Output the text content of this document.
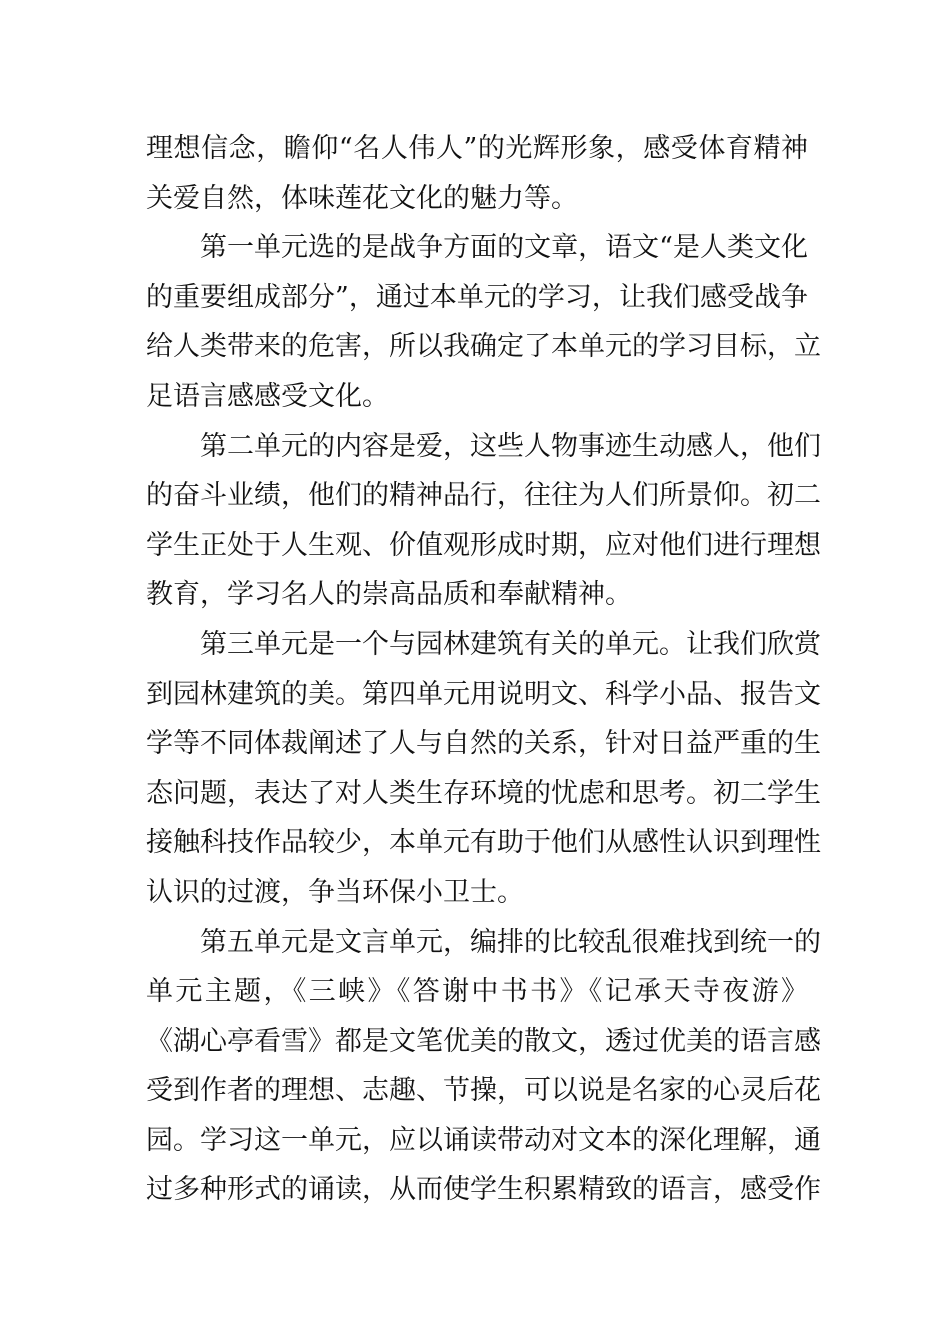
理想信念，瞻仰“名人伟人”的光辉形象，感受体育精神
关爱自然，体味莲花文化的魅力等。
第一单元选的是战争方面的文章，语文“是人类文化
的重要组成部分”，通过本单元的学习，让我们感受战争
给人类带来的危害，所以我确定了本单元的学习目标，立
足语言感感受文化。
第二单元的内容是爱，这些人物事迹生动感人，他们
的奋斗业绩，他们的精神品行，往往为人们所景仰。初二
学生正处于人生观、价值观形成时期，应对他们进行理想
教育，学习名人的崇高品质和奉献精神。
第三单元是一个与园林建筑有关的单元。让我们欣赏
到园林建筑的美。第四单元用说明文、科学小品、报告文
学等不同体裁阐述了人与自然的关系，针对日益严重的生
态问题，表达了对人类生存环境的忧虑和思考。初二学生
接触科技作品较少，本单元有助于他们从感性认识到理性
认识的过渡，争当环保小卫士。
第五单元是文言单元，编排的比较乱很难找到统一的
单元主题，《三峡》《答谢中书书》《记承天寺夜游》
《湖心亭看雪》都是文笔优美的散文，透过优美的语言感
受到作者的理想、志趣、节操，可以说是名家的心灵后花
园。学习这一单元，应以诵读带动对文本的深化理解，通
过多种形式的诵读，从而使学生积累精致的语言，感受作
